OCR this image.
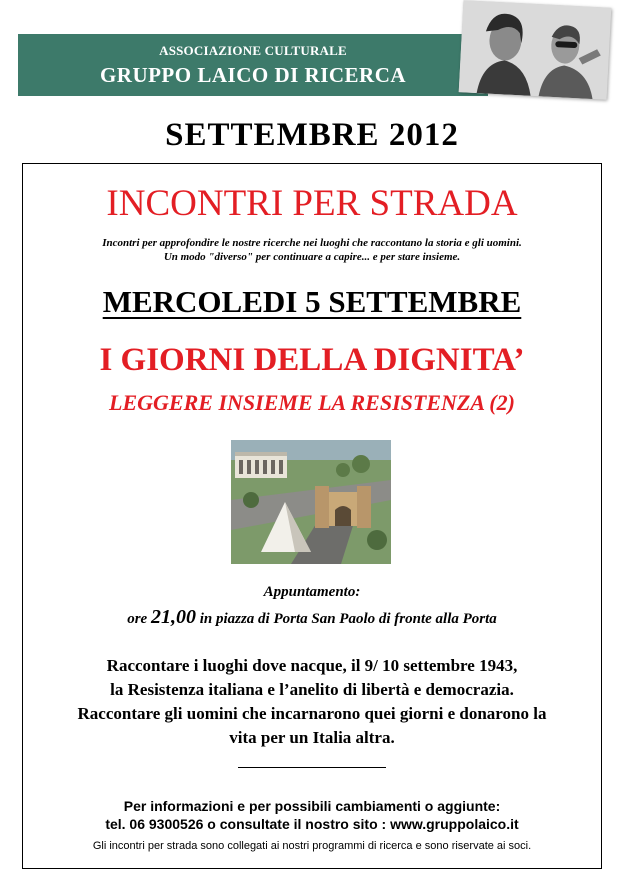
ASSOCIAZIONE CULTURALE
GRUPPO LAICO DI RICERCA
SETTEMBRE 2012
INCONTRI PER STRADA
Incontri per approfondire le nostre ricerche nei luoghi che raccontano la storia e gli uomini.
Un modo "diverso" per continuare a capire... e per stare insieme.
MERCOLEDI 5 SETTEMBRE
I GIORNI DELLA DIGNITA’
LEGGERE INSIEME LA RESISTENZA (2)
Appuntamento:
ore 21,00 in piazza di Porta San Paolo di fronte alla Porta
Raccontare i luoghi dove nacque, il 9/ 10 settembre 1943,
la Resistenza italiana e l’anelito di libertà e democrazia.
Raccontare gli uomini che incarnarono quei giorni e donarono la
vita per un Italia altra.
Per informazioni e per possibili cambiamenti o aggiunte:
tel. 06 9300526 o consultate il nostro sito : www.gruppolaico.it
Gli incontri per strada sono collegati ai nostri programmi di ricerca e sono riservate ai soci.
